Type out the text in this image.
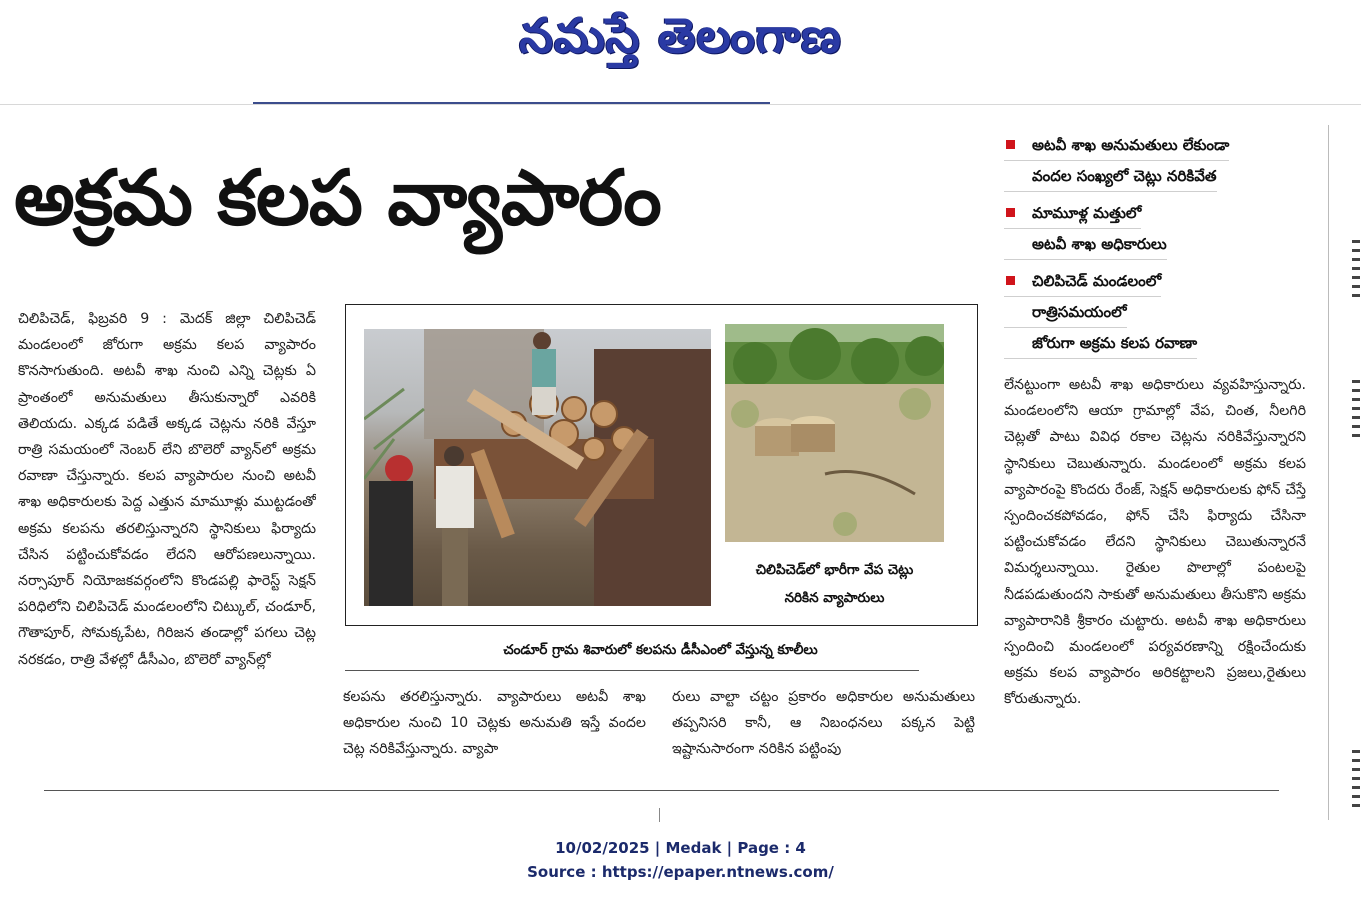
నమస్తే తెలంగాణ
అక్రమ కలప వ్యాపారం
చిలిపిచెడ్, ఫిబ్రవరి 9 : మెదక్ జిల్లా చిలిపిచెడ్ మండలంలో జోరుగా అక్రమ కలప వ్యాపారం కొనసాగుతుంది. అటవీ శాఖ నుంచి ఎన్ని చెట్లకు ఏ ప్రాంతంలో అనుమతులు తీసుకున్నారో ఎవరికి తెలియదు. ఎక్కడ పడితే అక్కడ చెట్లను నరికి వేస్తూ రాత్రి సమయంలో నెంబర్ లేని బొలెరో వ్యాన్‌లో అక్రమ రవాణా చేస్తున్నారు. కలప వ్యాపారుల నుంచి అటవీ శాఖ అధికారులకు పెద్ద ఎత్తున మామూళ్లు ముట్టడంతో అక్రమ కలపను తరలిస్తున్నారని స్థానికులు ఫిర్యాదు చేసిన పట్టించుకోవడం లేదని ఆరోపణలున్నాయి. నర్సాపూర్ నియోజకవర్గంలోని కొండపల్లి ఫారెస్ట్ సెక్షన్ పరిధిలోని చిలిపిచెడ్ మండలంలోని చిట్కుల్, చండూర్, గౌతాపూర్, సోమక్కపేట, గిరిజన తండాల్లో పగలు చెట్ల నరకడం, రాత్రి వేళల్లో డీసీఎం, బొలెరో వ్యాన్‌ల్లో
చిలిపిచెడ్‌లో భారీగా వేప చెట్లు
నరికిన వ్యాపారులు
చండూర్ గ్రామ శివారులో కలపను డీసీఎంలో వేస్తున్న కూలీలు
కలపను తరలిస్తున్నారు. వ్యాపారులు అటవీ శాఖ అధికారుల నుంచి 10 చెట్లకు అనుమతి ఇస్తే వందల చెట్ల నరికివేస్తున్నారు. వ్యాపా
రులు వాల్టా చట్టం ప్రకారం అధికారుల అనుమతులు తప్పనిసరి కానీ, ఆ నిబంధనలు పక్కన పెట్టి ఇష్టానుసారంగా నరికిన పట్టింపు
అటవీ శాఖ అనుమతులు లేకుండా
వందల సంఖ్యలో చెట్లు నరికివేత
మామూళ్ల మత్తులో
అటవీ శాఖ అధికారులు
చిలిపిచెడ్ మండలంలో
రాత్రిసమయంలో
జోరుగా అక్రమ కలప రవాణా
లేనట్టుంగా అటవీ శాఖ అధికారులు వ్యవహిస్తున్నారు. మండలంలోని ఆయా గ్రామాల్లో వేప, చింత, నీలగిరి చెట్లతో పాటు వివిధ రకాల చెట్లను నరికివేస్తున్నారని స్థానికులు చెబుతున్నారు. మండలంలో అక్రమ కలప వ్యాపారంపై కొందరు రేంజ్, సెక్షన్ అధికారులకు ఫోన్ చేస్తే స్పందించకపోవడం, ఫోన్ చేసి ఫిర్యాదు చేసినా పట్టించుకోవడం లేదని స్థానికులు చెబుతున్నారనే విమర్శలున్నాయి. రైతుల పొలాల్లో పంటలపై నీడపడుతుందని సాకుతో అనుమతులు తీసుకొని అక్రమ వ్యాపారానికి శ్రీకారం చుట్టారు. అటవీ శాఖ అధికారులు స్పందించి మండలంలో పర్యవరణాన్ని రక్షించేందుకు అక్రమ కలప వ్యాపారం అరికట్టాలని ప్రజలు,రైతులు కోరుతున్నారు.
10/02/2025 | Medak | Page : 4
Source : https://epaper.ntnews.com/
